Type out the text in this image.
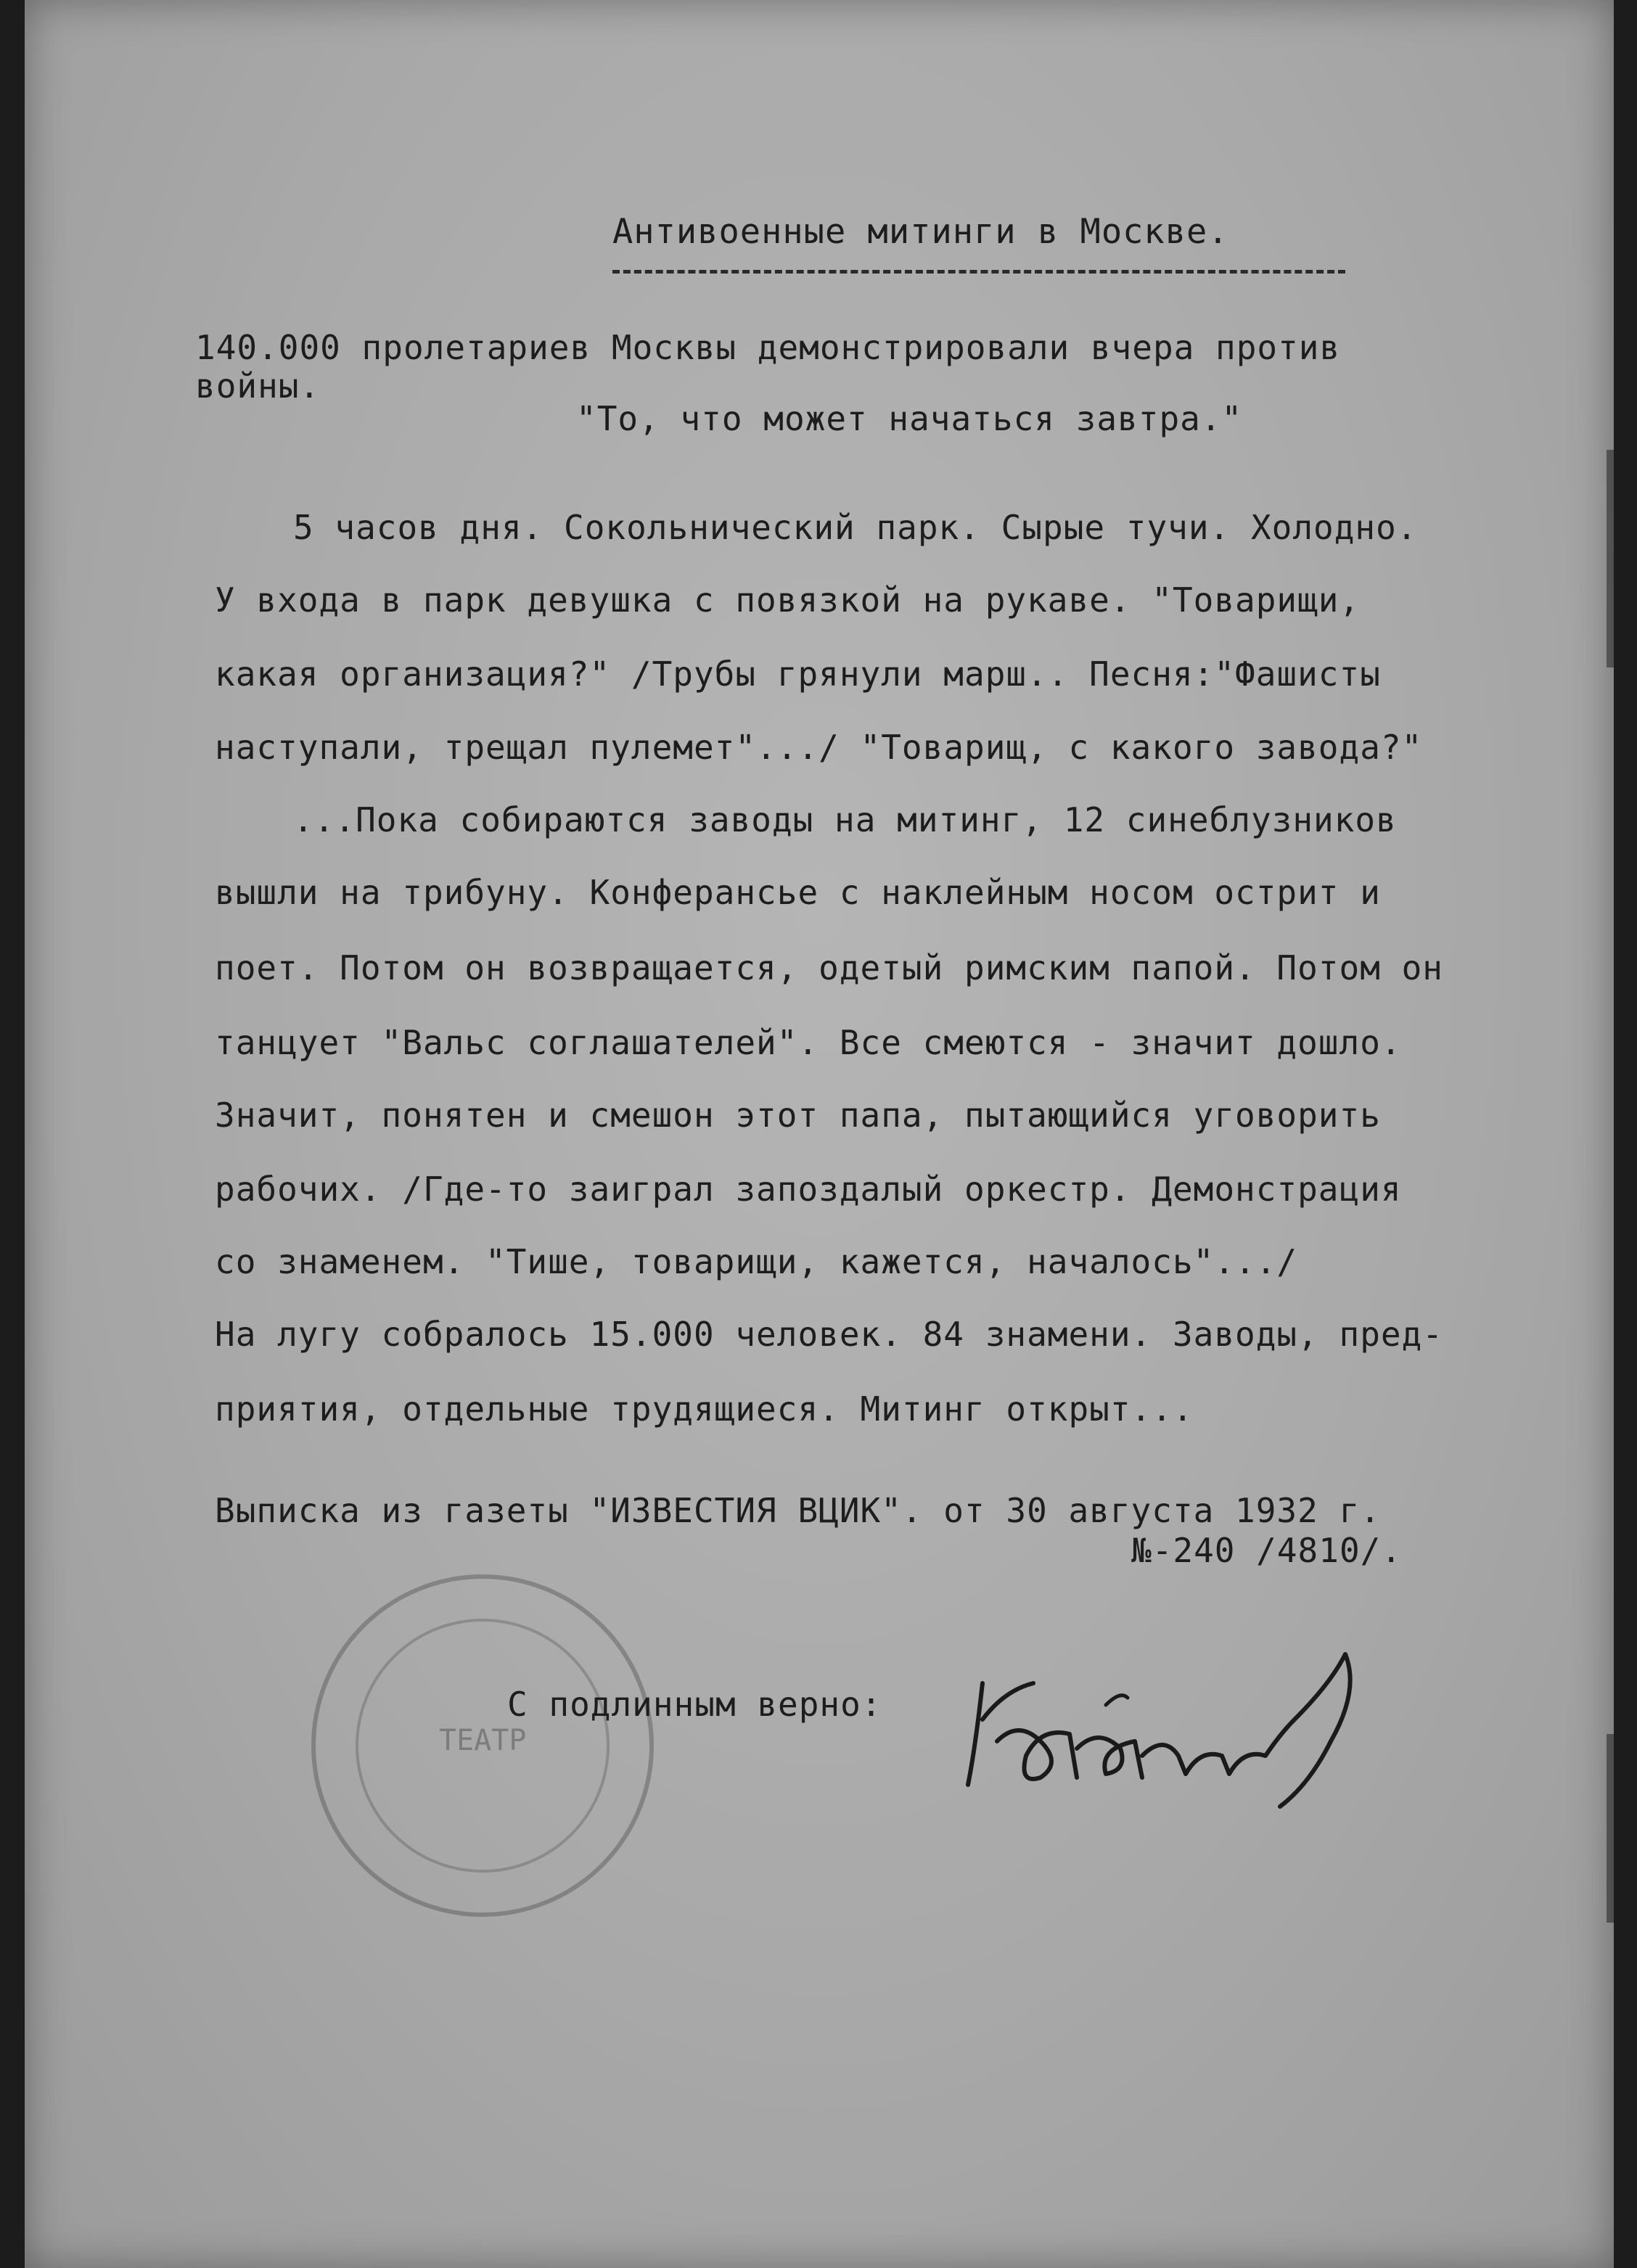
Антивоенные митинги в Москве.
140.000 пролетариев Москвы демонстрировали вчера против
войны.
"То, что может начаться завтра."
5 часов дня. Сокольнический парк. Сырые тучи. Холодно.
У входа в парк девушка с повязкой на рукаве. "Товарищи,
какая организация?" /Трубы грянули марш.. Песня:"Фашисты
наступали, трещал пулемет".../ "Товарищ, с какого завода?"
...Пока собираются заводы на митинг, 12 синеблузников
вышли на трибуну. Конферансье с наклейным носом острит и
поет. Потом он возвращается, одетый римским папой. Потом он
танцует "Вальс соглашателей". Все смеются - значит дошло.
Значит, понятен и смешон этот папа, пытающийся уговорить
рабочих. /Где-то заиграл запоздалый оркестр. Демонстрация
со знаменем. "Тише, товарищи, кажется, началось".../
На лугу собралось 15.000 человек. 84 знамени. Заводы, пред-
приятия, отдельные трудящиеся. Митинг открыт...
Выписка из газеты "ИЗВЕСТИЯ ВЦИК". от 30 августа 1932 г.
№-240 /4810/.
ТЕАТР
С подлинным верно:
